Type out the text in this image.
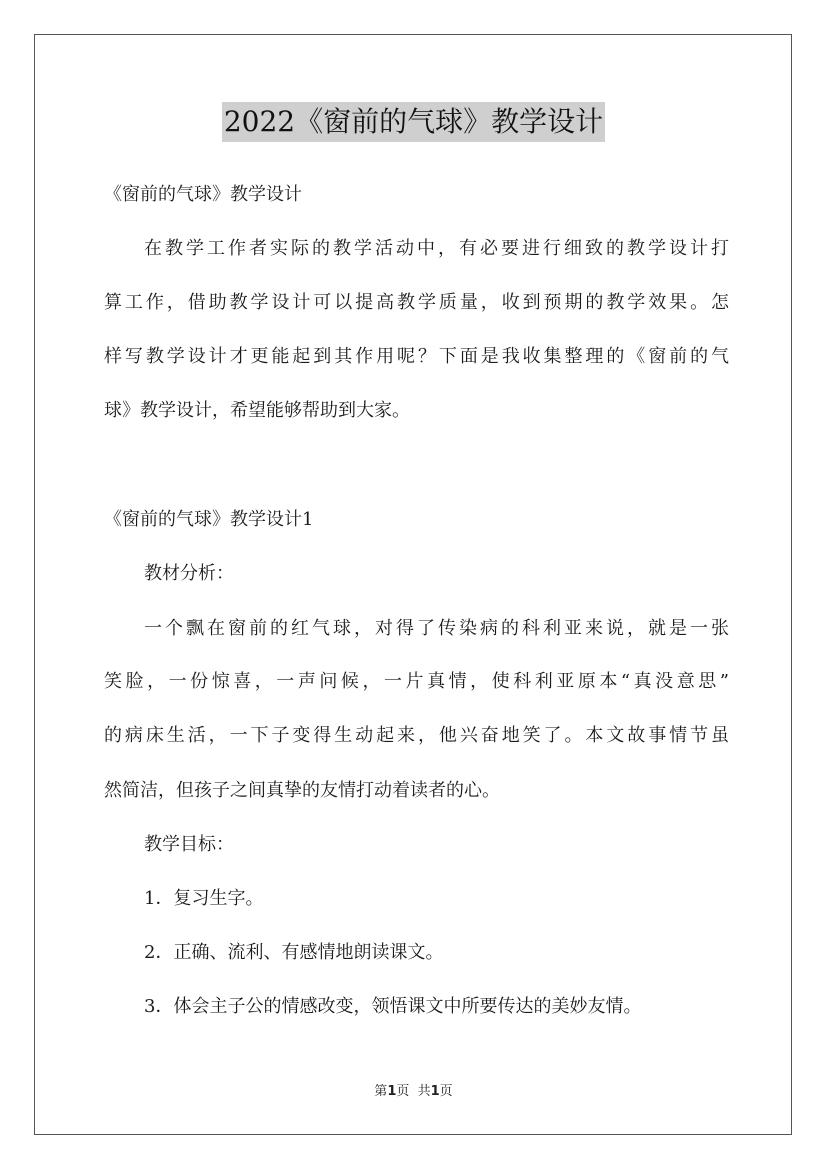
2022《窗前的气球》教学设计
《窗前的气球》教学设计
在教学工作者实际的教学活动中，有必要进行细致的教学设计打
算工作，借助教学设计可以提高教学质量，收到预期的教学效果。怎
样写教学设计才更能起到其作用呢？下面是我收集整理的《窗前的气
球》教学设计，希望能够帮助到大家。
《窗前的气球》教学设计1
教材分析：
一个飘在窗前的红气球，对得了传染病的科利亚来说，就是一张
笑脸，一份惊喜，一声问候，一片真情，使科利亚原本“真没意思”
的病床生活，一下子变得生动起来，他兴奋地笑了。本文故事情节虽
然简洁，但孩子之间真挚的友情打动着读者的心。
教学目标：
1．复习生字。
2．正确、流利、有感情地朗读课文。
3．体会主子公的情感改变，领悟课文中所要传达的美妙友情。
第1页  共1页
